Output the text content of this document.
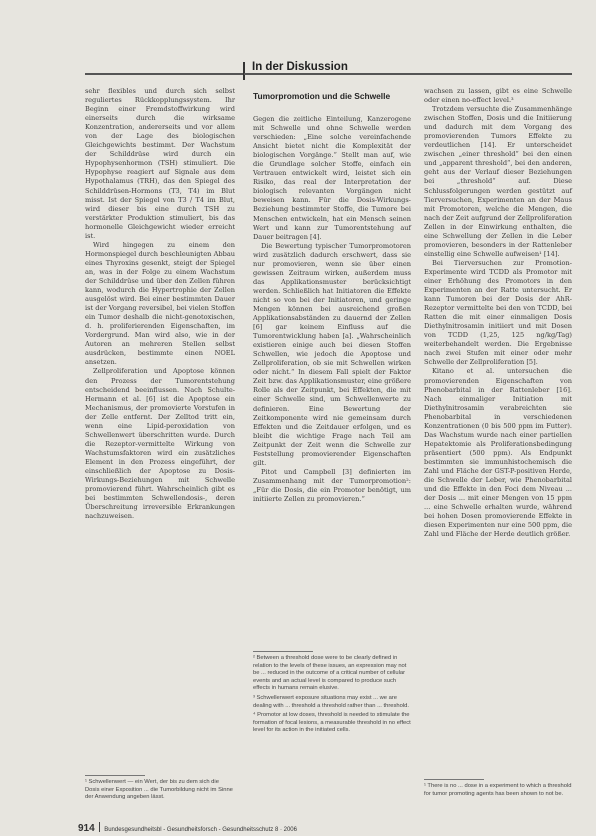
In der Diskussion

sehr flexibles und durch sich selbst reguliertes Rückkopplungssystem. Ihr Beginn einer Fremdstoffwirkung wird einerseits durch die wirksame Konzentration, andererseits und vor allem von der Lage des biologischen Gleichgewichts bestimmt. Der Wachstum der Schilddrüse wird durch ein Hypophysenhormon (TSH) stimuliert. Die Hypophyse reagiert auf Signale aus dem Hypothalamus (TRH), das den Spiegel des Schilddrüsen-Hormons (T3, T4) im Blut misst. Ist der Spiegel von T3 / T4 im Blut, wird dieser bis eine durch TSH zu verstärkter Produktion stimuliert, bis das hormonelle Gleichgewicht wieder erreicht ist.

Wird hingegen zu einem den Hormonspiegel durch beschleunigten Abbau eines Thyroxins gesenkt, steigt der Spiegel an, was in der Folge zu einem Wachstum der Schilddrüse und über den Zellen führen kann, wodurch die Hypertrophie der Zellen ausgelöst wird. Bei einer bestimmten Dauer ist der Vorgang reversibel, bei vielen Stoffen ein Tumor deshalb die nicht-genotoxischen, d. h. proliferierenden Eigenschaften, im Vordergrund. Man wird also, wie in der Autoren an mehreren Stellen selbst ausdrücken, bestimmte einen NOEL ansetzen.

Zellproliferation und Apoptose können den Prozess der Tumorentstehung entscheidend beeinflussen. Nach Schulte-Hermann et al. [6] ist die Apoptose ein Mechanismus, der promovierte Vorstufen in der Zelle entfernt. Der Zelltod tritt ein, wenn eine Lipid-peroxidation von Schwellenwert überschritten wurde. Durch die Rezeptor-vermittelte Wirkung von Wachstumsfaktoren wird ein zusätzliches Element in den Prozess eingeführt, der einschließlich der Apoptose zu Dosis-Wirkungs-Beziehungen mit Schwelle promovierend führt. Wahrscheinlich gibt es bei bestimmten Schwellendosis-, deren Überschreitung irreversible Erkrankungen nachzuweisen.

¹ Schwellenwert — ein Wert, der bis zu dem sich die Dosis einer Exposition ... die Tumorbildung nicht im Sinne der Anwendung angeben lässt.

Tumorpromotion und die Schwelle

Gegen die zeitliche Einteilung, Kanzerogene mit Schwelle und ohne Schwelle werden verschieden: „Eine solche vereinfachende Ansicht bietet nicht die Komplexität der biologischen Vorgänge.“ Stellt man auf, wie die Grundlage solcher Stoffe, einfach ein Vertrauen entwickelt wird, leistet sich ein Risiko, das real der Interpretation der biologisch relevanten Vorgängen nicht beweisen kann. Für die Dosis-Wirkungs-Beziehung bestimmter Stoffe, die Tumore bei Menschen entwickeln, hat ein Mensch seinen Wert und kann zur Tumorentstehung auf Dauer beitragen [4].

Die Bewertung typischer Tumorpromotoren wird zusätzlich dadurch erschwert, dass sie nur promovieren, wenn sie über einen gewissen Zeitraum wirken, außerdem muss das Applikationsmuster berücksichtigt werden. Schließlich hat Initiatoren die Effekte nicht so von bei der Initiatoren, und geringe Mengen können bei ausreichend großen Applikationsabständen zu dauernd der Zellen [6] gar keinem Einfluss auf die Tumorentwicklung haben [a]. „Wahrscheinlich existieren einige auch bei diesen Stoffen Schwellen, wie jedoch die Apoptose und Zellproliferation, ob sie mit Schwellen wirken oder nicht.“ In diesem Fall spielt der Faktor Zeit bzw. das Applikationsmuster, eine größere Rolle als der Zeitpunkt, bei Effekten, die mit einer Schwelle sind, um Schwellenwerte zu definieren. Eine Bewertung der Zeitkomponente wird nie gemeinsam durch Effekten und die Zeitdauer erfolgen, und es bleibt die wichtige Frage nach Teil am Zeitpunkt der Zeit wenn die Schwelle zur Feststellung promovierender Eigenschaften gilt.

Pitot und Campbell [3] definierten im Zusammenhang mit der Tumorpromotion²: „Für die Dosis, die ein Promotor benötigt, um initiierte Zellen zu promovieren.“

² Between a threshold dose were to be clearly defined in relation to the levels of these issues, an expression may not be ... reduced in the outcome of a critical number of cellular events and an actual level is compared to produce such effects in humans remain elusive.

³ Schwellenwert exposure situations may exist ... we are dealing with ... threshold a threshold rather than ... threshold.

⁴ Promotor at low doses, threshold is needed to stimulate the formation of focal lesions, a measurable threshold in no effect level for its action in the initiated cells.

wachsen zu lassen, gibt es eine Schwelle oder einen no-effect level.³

Trotzdem versuchte die Zusammenhänge zwischen Stoffen, Dosis und die Initiierung und dadurch mit dem Vorgang des promovierenden Tumors Effekte zu verdeutlichen [14]. Er unterscheidet zwischen „einer threshold“ bei den einen und „apparent threshold“, bei den anderen, geht aus der Verlauf dieser Beziehungen bei „threshold“ auf. Diese Schlussfolgerungen werden gestützt auf Tierversuchen, Experimenten an der Maus mit Promotoren, welche die Mengen, die nach der Zeit aufgrund der Zellproliferation Zellen in der Einwirkung enthalten, die eine Schwellung der Zellen in die Leber promovieren, besonders in der Rattenleber einstellig eine Schwelle aufweisen¹ [14].

Bei Tierversuchen zur Promotion-Experimente wird TCDD als Promotor mit einer Erhöhung des Promotors in den Experimenten an der Ratte untersucht. Er kann Tumoren bei der Dosis der AhR-Rezeptor vermittelte bei den von TCDD, bei Ratten die mit einer einmaligen Dosis Diethylnitrosamin initiiert und mit Dosen von TCDD (1,25, 125 ng/kg/Tag) weiterbehandelt werden. Die Ergebnisse nach zwei Stufen mit einer oder mehr Schwelle der Zellproliferation [5].

Kitano et al. untersuchen die promovierenden Eigenschaften von Phenobarbital in der Rattenleber [16]. Nach einmaliger Initiation mit Diethylnitrosamin verabreichten sie Phenobarbital in verschiedenen Konzentrationen (0 bis 500 ppm im Futter). Das Wachstum wurde nach einer partiellen Hepatektomie als Proliferationsbedingung präsentiert (500 ppm). Als Endpunkt bestimmten sie immunhistochemisch die Zahl und Fläche der GST-P-positiven Herde, die Schwelle der Leber, wie Phenobarbital und die Effekte in den Foci dem Niveau ... der Dosis ... mit einer Mengen von 15 ppm ... eine Schwelle erhalten wurde, während bei hohen Dosen promovierende Effekte in diesen Experimenten nur eine 500 ppm, die Zahl und Fläche der Herde deutlich größer.

¹ There is no ... dose in a experiment to which a threshold for tumor promoting agents has been shown to not be.

914 Bundesgesundheitsbl - Gesundheitsforsch - Gesundheitsschutz 8 · 2006
